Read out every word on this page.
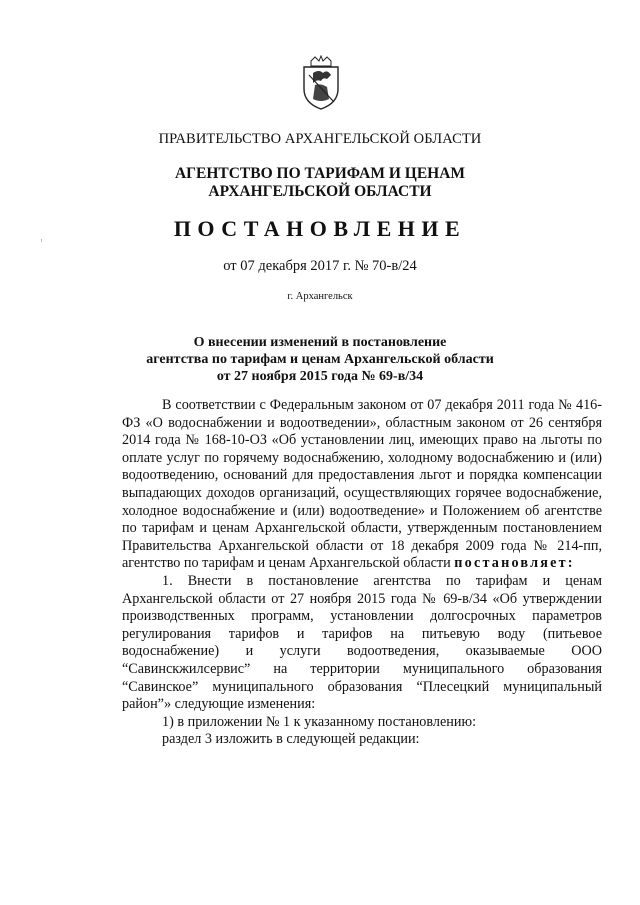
ПРАВИТЕЛЬСТВО АРХАНГЕЛЬСКОЙ ОБЛАСТИ
АГЕНТСТВО ПО ТАРИФАМ И ЦЕНАМ
АРХАНГЕЛЬСКОЙ ОБЛАСТИ
ПОСТАНОВЛЕНИЕ
от 07 декабря 2017 г. № 70-в/24
г. Архангельск
О внесении изменений в постановление
агентства по тарифам и ценам Архангельской области
от 27 ноября 2015 года № 69-в/34

В соответствии с Федеральным законом от 07 декабря 2011 года № 416-ФЗ «О водоснабжении и водоотведении», областным законом от 26 сентября 2014 года № 168-10-ОЗ «Об установлении лиц, имеющих право на льготы по оплате услуг по горячему водоснабжению, холодному водоснабжению и (или) водоотведению, оснований для предоставления льгот и порядка компенсации выпадающих доходов организаций, осуществляющих горячее водоснабжение, холодное водоснабжение и (или) водоотведение» и Положением об агентстве по тарифам и ценам Архангельской области, утвержденным постановлением Правительства Архангельской области от 18 декабря 2009 года № 214-пп, агентство по тарифам и ценам Архангельской области постановляет:

1. Внести в постановление агентства по тарифам и ценам Архангельской области от 27 ноября 2015 года № 69-в/34 «Об утверждении производственных программ, установлении долгосрочных параметров регулирования тарифов и тарифов на питьевую воду (питьевое водоснабжение) и услуги водоотведения, оказываемые ООО “Савинскжилсервис” на территории муниципального образования “Савинское” муниципального образования “Плесецкий муниципальный район”» следующие изменения:

1) в приложении № 1 к указанному постановлению:

раздел 3 изложить в следующей редакции:
